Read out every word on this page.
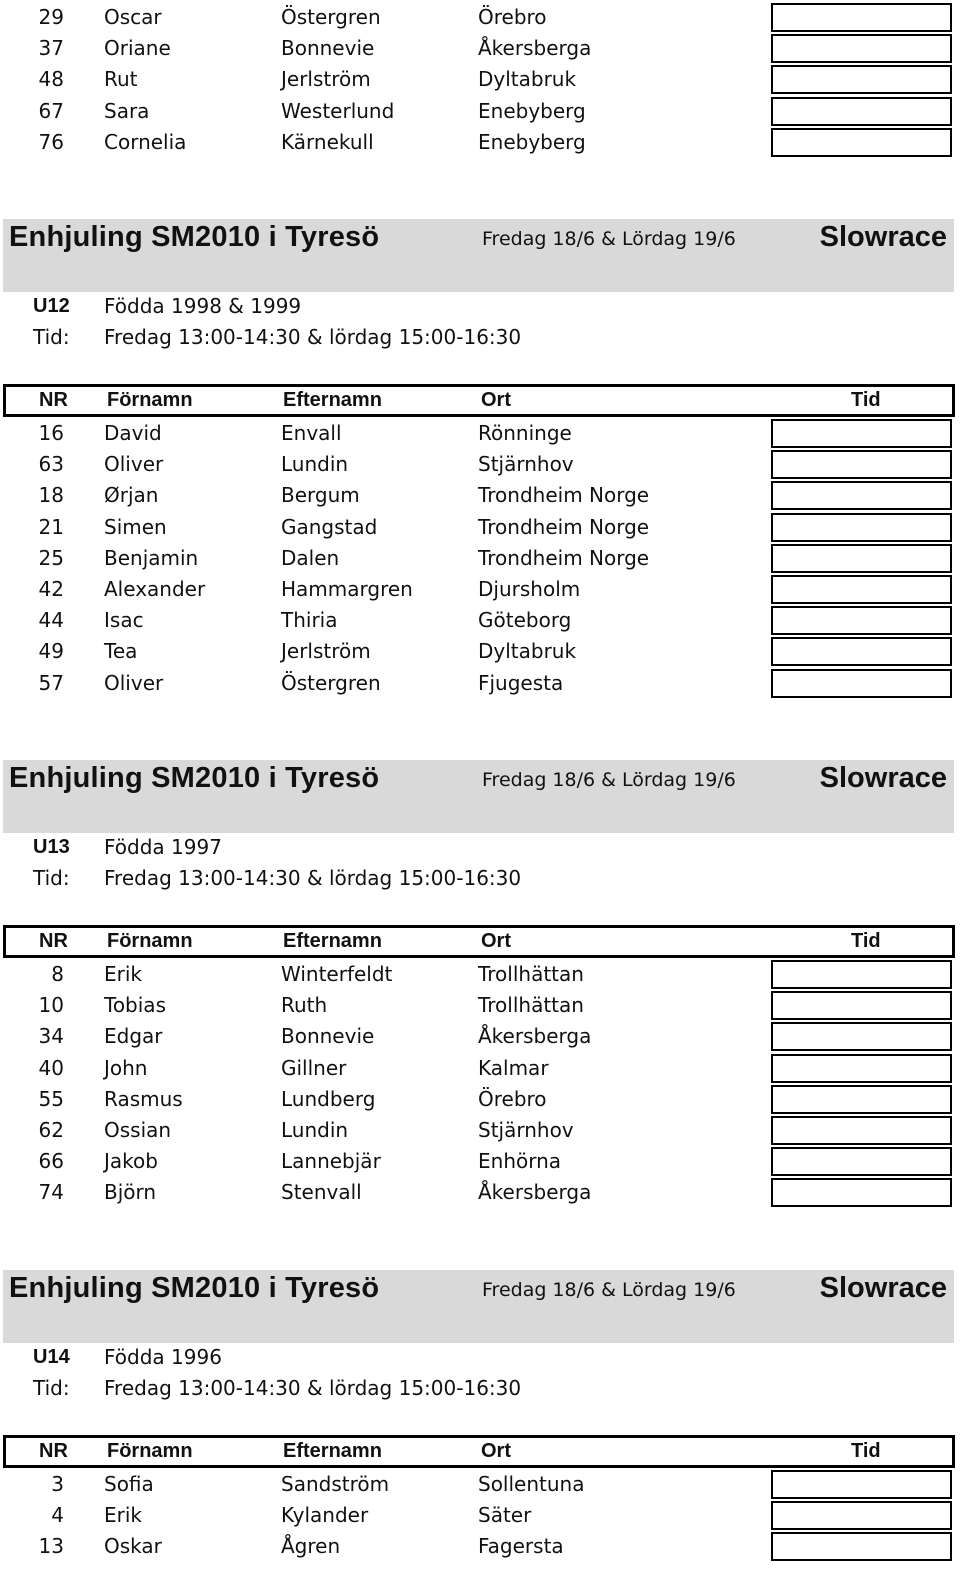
29 Oscar	Östergren	Örebro
37 Oriane	Bonnevie	Åkersberga
48 Rut	Jerlström	Dyltabruk
67 Sara	Westerlund	Enebyberg
76 Cornelia	Kärnekull	Enebyberg
Enhjuling SM2010 i Tyresö	Fredag 18/6 & Lördag 19/6	Slowrace
U12 Födda 1998 & 1999
Tid: Fredag 13:00-14:30 & lördag 15:00-16:30
NR Förnamn	Efternamn	Ort	Tid
16 David	Envall	Rönninge
63 Oliver	Lundin	Stjärnhov
18 Ørjan	Bergum	Trondheim Norge
21 Simen	Gangstad	Trondheim Norge
25 Benjamin	Dalen	Trondheim Norge
42 Alexander	Hammargren	Djursholm
44 Isac	Thiria	Göteborg
49 Tea	Jerlström	Dyltabruk
57 Oliver	Östergren	Fjugesta
Enhjuling SM2010 i Tyresö	Fredag 18/6 & Lördag 19/6	Slowrace
U13 Födda 1997
Tid: Fredag 13:00-14:30 & lördag 15:00-16:30
NR Förnamn	Efternamn	Ort	Tid
8 Erik	Winterfeldt	Trollhättan
10 Tobias	Ruth	Trollhättan
34 Edgar	Bonnevie	Åkersberga
40 John	Gillner	Kalmar
55 Rasmus	Lundberg	Örebro
62 Ossian	Lundin	Stjärnhov
66 Jakob	Lannebjär	Enhörna
74 Björn	Stenvall	Åkersberga
Enhjuling SM2010 i Tyresö	Fredag 18/6 & Lördag 19/6	Slowrace
U14 Födda 1996
Tid: Fredag 13:00-14:30 & lördag 15:00-16:30
NR Förnamn	Efternamn	Ort	Tid
3 Sofia	Sandström	Sollentuna
4 Erik	Kylander	Säter
13 Oskar	Ågren	Fagersta
